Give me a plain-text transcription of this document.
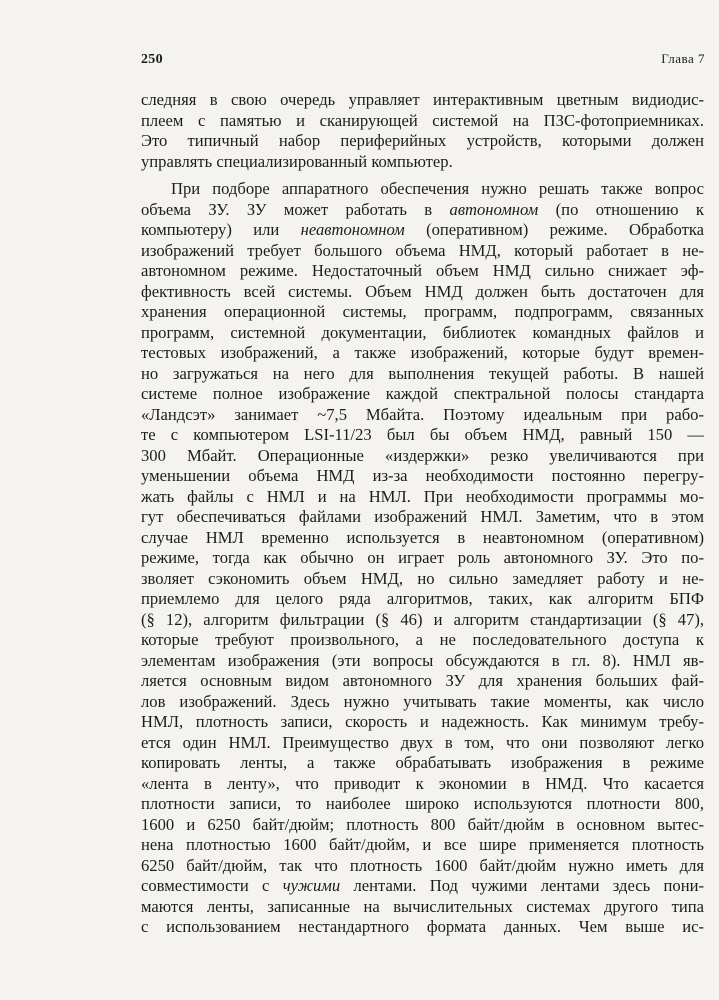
250	Глава 7
следняя в свою очередь управляет интерактивным цветным видиодис-
плеем с памятью и сканирующей системой на ПЗС-фотоприемниках.
Это типичный набор периферийных устройств, которыми должен
управлять специализированный компьютер.
При подборе аппаратного обеспечения нужно решать также вопрос
объема ЗУ. ЗУ может работать в автономном (по отношению к
компьютеру) или неавтономном (оперативном) режиме. Обработка
изображений требует большого объема НМД, который работает в не-
автономном режиме. Недостаточный объем НМД сильно снижает эф-
фективность всей системы. Объем НМД должен быть достаточен для
хранения операционной системы, программ, подпрограмм, связанных
программ, системной документации, библиотек командных файлов и
тестовых изображений, а также изображений, которые будут времен-
но загружаться на него для выполнения текущей работы. В нашей
системе полное изображение каждой спектральной полосы стандарта
«Ландсэт» занимает ~7,5 Мбайта. Поэтому идеальным при рабо-
те с компьютером LSI-11/23 был бы объем НМД, равный 150 —
300 Мбайт. Операционные «издержки» резко увеличиваются при
уменьшении объема НМД из-за необходимости постоянно перегру-
жать файлы с НМЛ и на НМЛ. При необходимости программы мо-
гут обеспечиваться файлами изображений НМЛ. Заметим, что в этом
случае НМЛ временно используется в неавтономном (оперативном)
режиме, тогда как обычно он играет роль автономного ЗУ. Это по-
зволяет сэкономить объем НМД, но сильно замедляет работу и не-
приемлемо для целого ряда алгоритмов, таких, как алгоритм БПФ
(§ 12), алгоритм фильтрации (§ 46) и алгоритм стандартизации (§ 47),
которые требуют произвольного, а не последовательного доступа к
элементам изображения (эти вопросы обсуждаются в гл. 8). НМЛ яв-
ляется основным видом автономного ЗУ для хранения больших фай-
лов изображений. Здесь нужно учитывать такие моменты, как число
НМЛ, плотность записи, скорость и надежность. Как минимум требу-
ется один НМЛ. Преимущество двух в том, что они позволяют легко
копировать ленты, а также обрабатывать изображения в режиме
«лента в ленту», что приводит к экономии в НМД. Что касается
плотности записи, то наиболее широко используются плотности 800,
1600 и 6250 байт/дюйм; плотность 800 байт/дюйм в основном вытес-
нена плотностью 1600 байт/дюйм, и все шире применяется плотность
6250 байт/дюйм, так что плотность 1600 байт/дюйм нужно иметь для
совместимости с чужими лентами. Под чужими лентами здесь пони-
маются ленты, записанные на вычислительных системах другого типа
с использованием нестандартного формата данных. Чем выше ис-
